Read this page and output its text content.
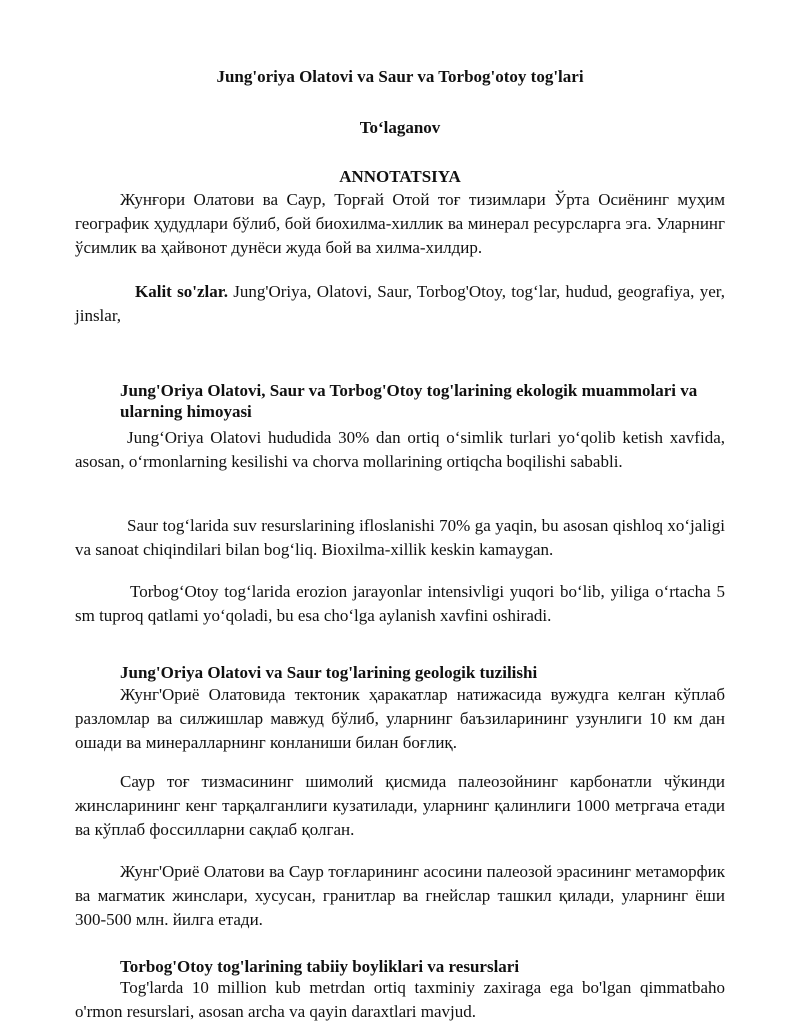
Jung'oriya Olatovi va Saur va Torbog'otoy tog'lari
To‘laganov
ANNOTATSIYA
Жунғори Олатови ва Саур, Торғай Отой тоғ тизимлари Ўрта Осиёнинг муҳим географик ҳудудлари бўлиб, бой биохилма-хиллик ва минерал ресурсларга эга. Уларнинг ўсимлик ва ҳайвонот дунёси жуда бой ва хилма-хилдир.
Kalit so'zlar. Jung'Oriya, Olatovi, Saur, Torbog'Otoy, tog‘lar, hudud, geografiya, yer, jinslar,
Jung'Oriya Olatovi, Saur va Torbog'Otoy tog'larining ekologik muammolari va ularning himoyasi
Jung‘Oriya Olatovi hududida 30% dan ortiq o‘simlik turlari yo‘qolib ketish xavfida, asosan, o‘rmonlarning kesilishi va chorva mollarining ortiqcha boqilishi sababli.
Saur tog‘larida suv resurslarining ifloslanishi 70% ga yaqin, bu asosan qishloq xo‘jaligi va sanoat chiqindilari bilan bog‘liq. Bioxilma-xillik keskin kamaygan.
Torbog‘Otoy tog‘larida erozion jarayonlar intensivligi yuqori bo‘lib, yiliga o‘rtacha 5 sm tuproq qatlami yo‘qoladi, bu esa cho‘lga aylanish xavfini oshiradi.
Jung'Oriya Olatovi va Saur tog'larining geologik tuzilishi
Жунг'Ориё Олатовида тектоник ҳаракатлар натижасида вужудга келган кўплаб разломлар ва силжишлар мавжуд бўлиб, уларнинг баъзиларининг узунлиги 10 км дан ошади ва минералларнинг конланиши билан боғлиқ.
Саур тоғ тизмасининг шимолий қисмида палеозойнинг карбонатли чўкинди жинсларининг кенг тарқалганлиги кузатилади, уларнинг қалинлиги 1000 метргача етади ва кўплаб фоссилларни сақлаб қолган.
Жунг'Ориё Олатови ва Саур тоғларининг асосини палеозой эрасининг метаморфик ва магматик жинслари, хусусан, гранитлар ва гнейслар ташкил қилади, уларнинг ёши 300-500 млн. йилга етади.
Torbog'Otoy tog'larining tabiiy boyliklari va resurslari
Tog'larda 10 million kub metrdan ortiq taxminiy zaxiraga ega bo'lgan qimmatbaho o'rmon resurslari, asosan archa va qayin daraxtlari mavjud.
